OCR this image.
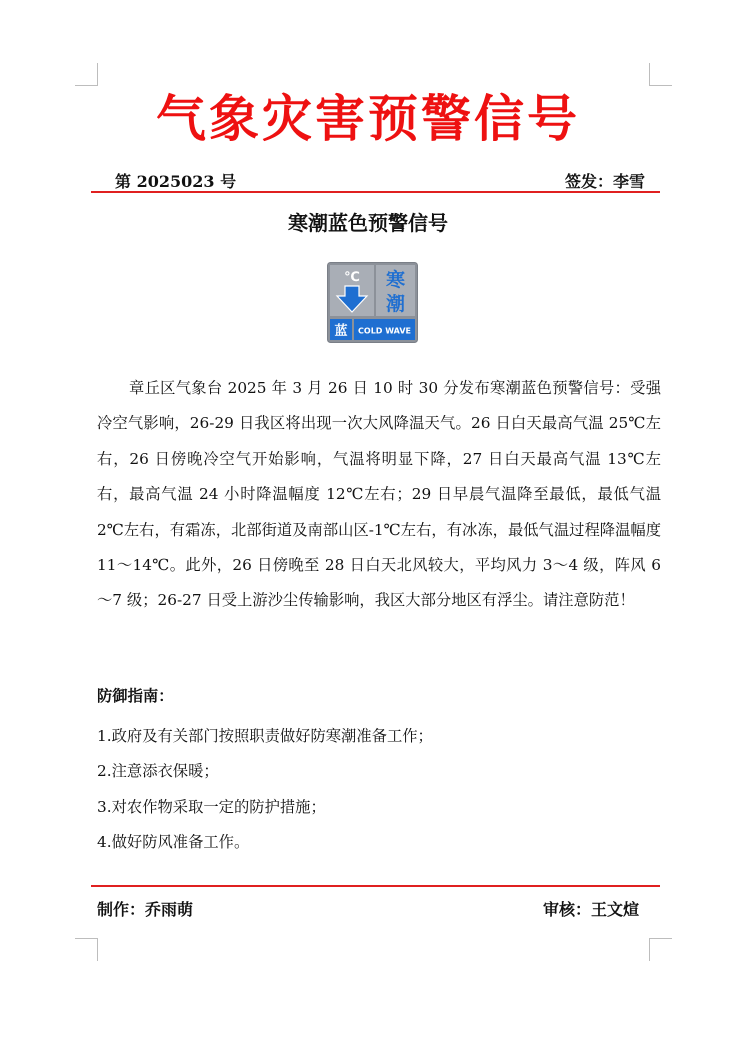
气象灾害预警信号
第 2025023 号	签发：李雪
寒潮蓝色预警信号
℃ 寒
潮
蓝 COLD WAVE

章丘区气象台 2025 年 3 月 26 日 10 时 30 分发布寒潮蓝色预警信号：受强冷空气影响，26-29 日我区将出现一次大风降温天气。26 日白天最高气温 25℃左右，26 日傍晚冷空气开始影响，气温将明显下降，27 日白天最高气温 13℃左右，最高气温 24 小时降温幅度 12℃左右；29 日早晨气温降至最低，最低气温 2℃左右，有霜冻，北部街道及南部山区-1℃左右，有冰冻，最低气温过程降温幅度 11～14℃。此外，26 日傍晚至 28 日白天北风较大，平均风力 3～4 级，阵风 6～7 级；26-27 日受上游沙尘传输影响，我区大部分地区有浮尘。请注意防范！

防御指南：
1.政府及有关部门按照职责做好防寒潮准备工作；
2.注意添衣保暖；
3.对农作物采取一定的防护措施；
4.做好防风准备工作。
制作：乔雨萌	审核：王文煊
